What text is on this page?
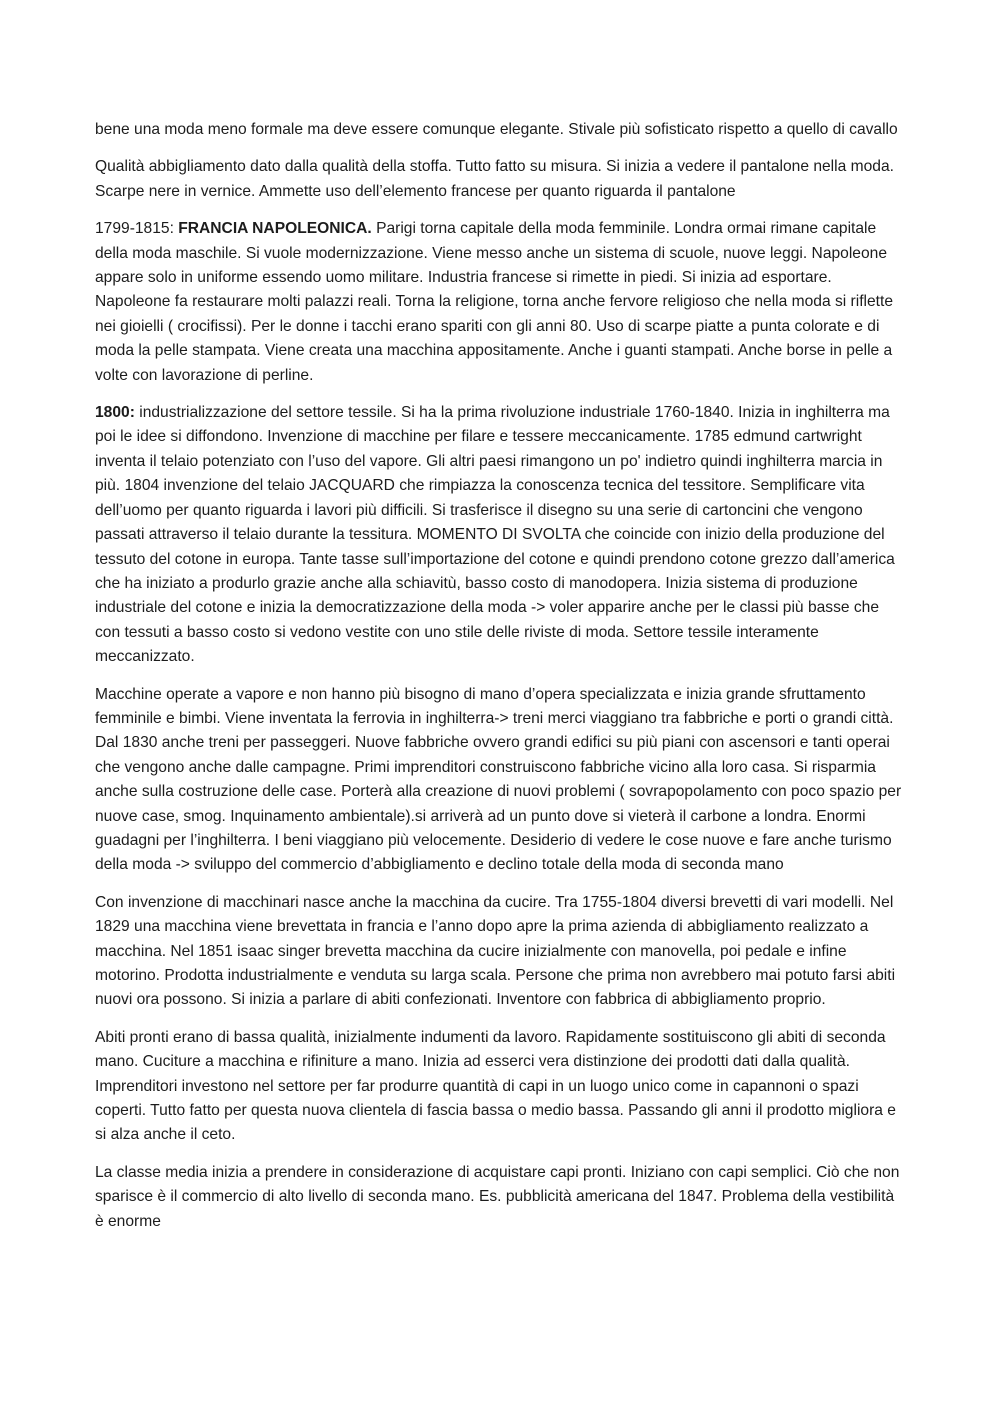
bene una moda meno formale ma deve essere comunque elegante. Stivale più sofisticato rispetto a quello di cavallo

Qualità abbigliamento dato dalla qualità della stoffa. Tutto fatto su misura. Si inizia a vedere il pantalone nella moda. Scarpe nere in vernice. Ammette uso dell’elemento francese per quanto riguarda il pantalone

1799-1815: FRANCIA NAPOLEONICA. Parigi torna capitale della moda femminile. Londra ormai rimane capitale della moda maschile. Si vuole modernizzazione. Viene messo anche un sistema di scuole, nuove leggi. Napoleone appare solo in uniforme essendo uomo militare. Industria francese si rimette in piedi. Si inizia ad esportare. Napoleone fa restaurare molti palazzi reali. Torna la religione, torna anche fervore religioso che nella moda si riflette nei gioielli ( crocifissi). Per le donne i tacchi erano spariti con gli anni 80. Uso di scarpe piatte a punta colorate e di moda la pelle stampata. Viene creata una macchina appositamente. Anche i guanti stampati. Anche borse in pelle a volte con lavorazione di perline.

1800: industrializzazione del settore tessile. Si ha la prima rivoluzione industriale 1760-1840. Inizia in inghilterra ma poi le idee si diffondono. Invenzione di macchine per filare e tessere meccanicamente. 1785 edmund cartwright inventa il telaio potenziato con l’uso del vapore. Gli altri paesi rimangono un po' indietro quindi inghilterra marcia in più. 1804 invenzione del telaio JACQUARD che rimpiazza la conoscenza tecnica del tessitore. Semplificare vita dell’uomo per quanto riguarda i lavori più difficili. Si trasferisce il disegno su una serie di cartoncini che vengono passati attraverso il telaio durante la tessitura. MOMENTO DI SVOLTA che coincide con inizio della produzione del tessuto del cotone in europa. Tante tasse sull’importazione del cotone e quindi prendono cotone grezzo dall’america che ha iniziato a produrlo grazie anche alla schiavitù, basso costo di manodopera. Inizia sistema di produzione industriale del cotone e inizia la democratizzazione della moda -> voler apparire anche per le classi più basse che con tessuti a basso costo si vedono vestite con uno stile delle riviste di moda. Settore tessile interamente meccanizzato.

Macchine operate a vapore e non hanno più bisogno di mano d’opera specializzata e inizia grande sfruttamento femminile e bimbi. Viene inventata la ferrovia in inghilterra-> treni merci viaggiano tra fabbriche e porti o grandi città. Dal 1830 anche treni per passeggeri. Nuove fabbriche ovvero grandi edifici su più piani con ascensori e tanti operai che vengono anche dalle campagne. Primi imprenditori construiscono fabbriche vicino alla loro casa. Si risparmia anche sulla costruzione delle case. Porterà alla creazione di nuovi problemi ( sovrapopolamento con poco spazio per nuove case, smog. Inquinamento ambientale).si arriverà ad un punto dove si vieterà il carbone a londra. Enormi guadagni per l’inghilterra. I beni viaggiano più velocemente. Desiderio di vedere le cose nuove e fare anche turismo della moda -> sviluppo del commercio d’abbigliamento e declino totale della moda di seconda mano

Con invenzione di macchinari nasce anche la macchina da cucire. Tra 1755-1804 diversi brevetti di vari modelli. Nel 1829 una macchina viene brevettata in francia e l’anno dopo apre la prima azienda di abbigliamento realizzato a macchina. Nel 1851 isaac singer brevetta macchina da cucire inizialmente con manovella, poi pedale e infine motorino. Prodotta industrialmente e venduta su larga scala. Persone che prima non avrebbero mai potuto farsi abiti nuovi ora possono. Si inizia a parlare di abiti confezionati. Inventore con fabbrica di abbigliamento proprio.

Abiti pronti erano di bassa qualità, inizialmente indumenti da lavoro. Rapidamente sostituiscono gli abiti di seconda mano. Cuciture a macchina e rifiniture a mano. Inizia ad esserci vera distinzione dei prodotti dati dalla qualità. Imprenditori investono nel settore per far produrre quantità di capi in un luogo unico come in capannoni o spazi coperti. Tutto fatto per questa nuova clientela di fascia bassa o medio bassa. Passando gli anni il prodotto migliora e si alza anche il ceto.

La classe media inizia a prendere in considerazione di acquistare capi pronti. Iniziano con capi semplici. Ciò che non sparisce è il commercio di alto livello di seconda mano. Es. pubblicità americana del 1847. Problema della vestibilità è enorme
